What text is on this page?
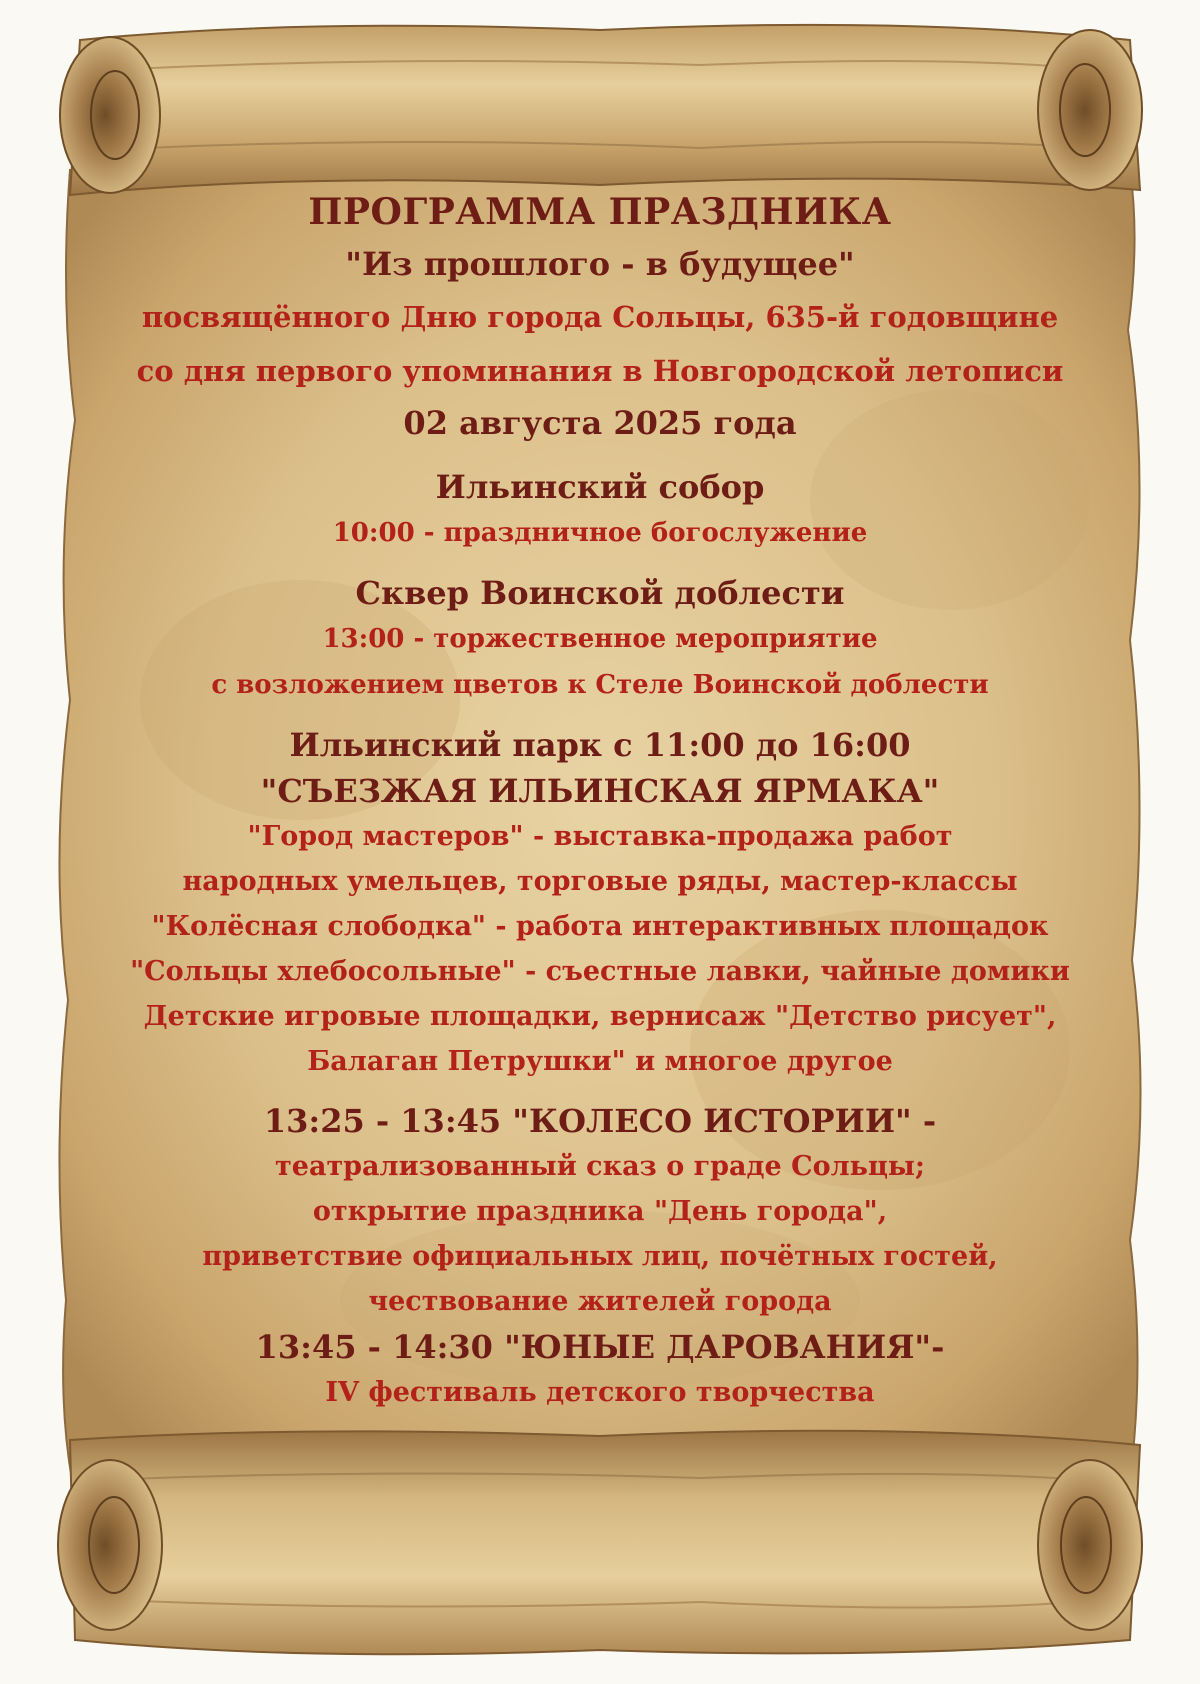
ПРОГРАММА ПРАЗДНИКА
"Из прошлого - в будущее"
посвящённого Дню города Сольцы, 635-й годовщине
со дня первого упоминания в Новгородской летописи
02 августа 2025 года
Ильинский собор
10:00 - праздничное богослужение
Сквер Воинской доблести
13:00 - торжественное мероприятие
с возложением цветов к Стеле Воинской доблести
Ильинский парк с 11:00 до 16:00
"СЪЕЗЖАЯ ИЛЬИНСКАЯ ЯРМАКА"
"Город мастеров" - выставка-продажа работ
народных умельцев, торговые ряды, мастер-классы
"Колёсная слободка" - работа интерактивных площадок
"Сольцы хлебосольные" - съестные лавки, чайные домики
Детские игровые площадки, вернисаж "Детство рисует",
Балаган Петрушки" и многое другое
13:25 - 13:45 "КОЛЕСО ИСТОРИИ" -
театрализованный сказ о граде Сольцы;
открытие праздника "День города",
приветствие официальных лиц, почётных гостей,
чествование жителей города
13:45 - 14:30 "ЮНЫЕ ДАРОВАНИЯ"-
IV фестиваль детского творчества
